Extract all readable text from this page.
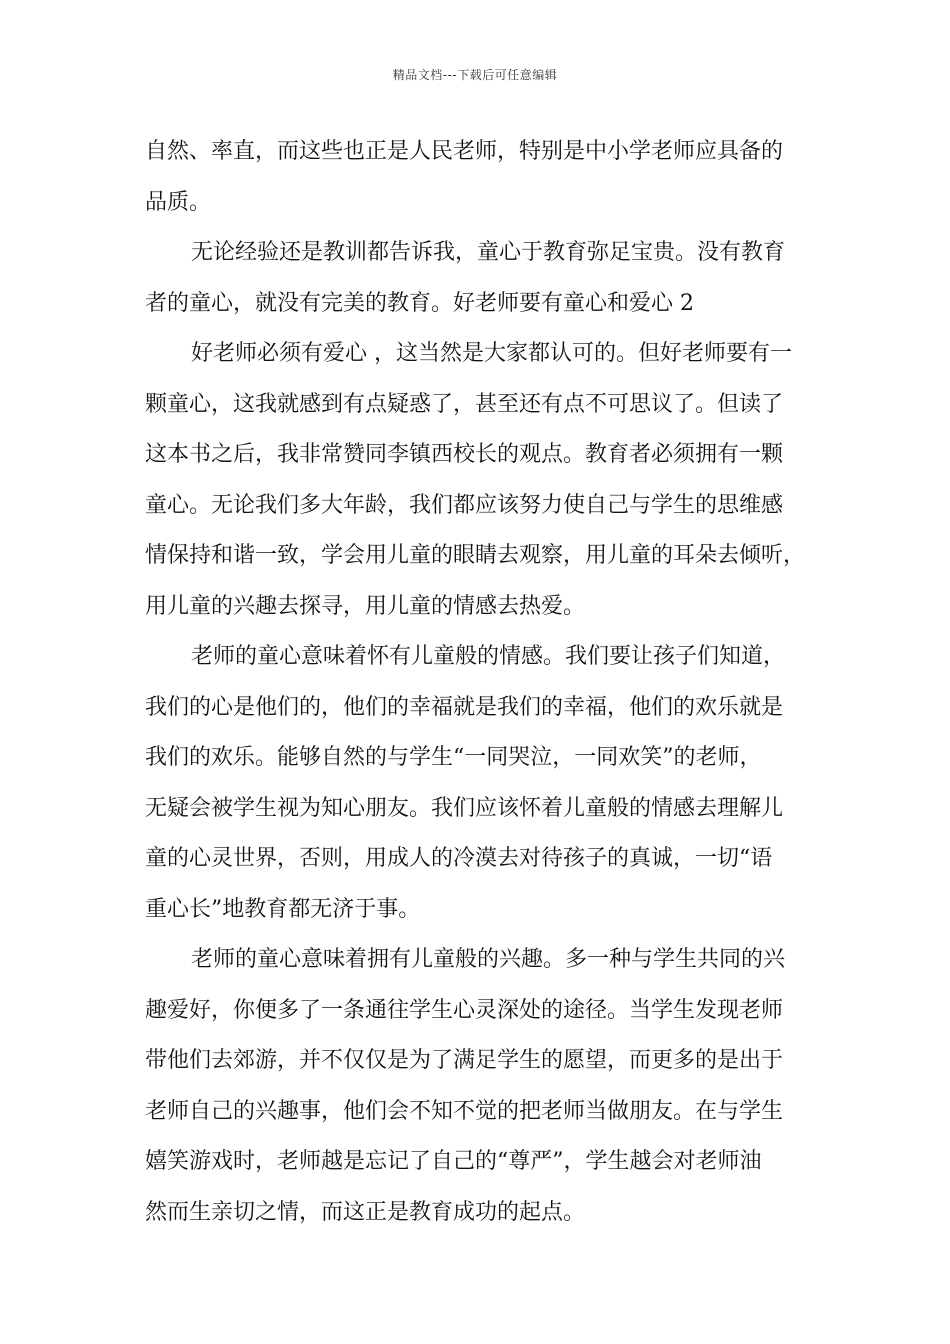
精品文档---下载后可任意编辑
自然、率直，而这些也正是人民老师，特别是中小学老师应具备的
品质。
无论经验还是教训都告诉我，童心于教育弥足宝贵。没有教育
者的童心，就没有完美的教育。好老师要有童心和爱心 2
好老师必须有爱心 ，这当然是大家都认可的。但好老师要有一
颗童心，这我就感到有点疑惑了，甚至还有点不可思议了。但读了
这本书之后，我非常赞同李镇西校长的观点。教育者必须拥有一颗
童心。无论我们多大年龄，我们都应该努力使自己与学生的思维感
情保持和谐一致，学会用儿童的眼睛去观察，用儿童的耳朵去倾听，
用儿童的兴趣去探寻，用儿童的情感去热爱。
老师的童心意味着怀有儿童般的情感。我们要让孩子们知道，
我们的心是他们的，他们的幸福就是我们的幸福，他们的欢乐就是
我们的欢乐。能够自然的与学生“一同哭泣，一同欢笑”的老师，
无疑会被学生视为知心朋友。我们应该怀着儿童般的情感去理解儿
童的心灵世界，否则，用成人的冷漠去对待孩子的真诚，一切“语
重心长”地教育都无济于事。
老师的童心意味着拥有儿童般的兴趣。多一种与学生共同的兴
趣爱好，你便多了一条通往学生心灵深处的途径。当学生发现老师
带他们去郊游，并不仅仅是为了满足学生的愿望，而更多的是出于
老师自己的兴趣事，他们会不知不觉的把老师当做朋友。在与学生
嬉笑游戏时，老师越是忘记了自己的“尊严”，学生越会对老师油
然而生亲切之情，而这正是教育成功的起点。
